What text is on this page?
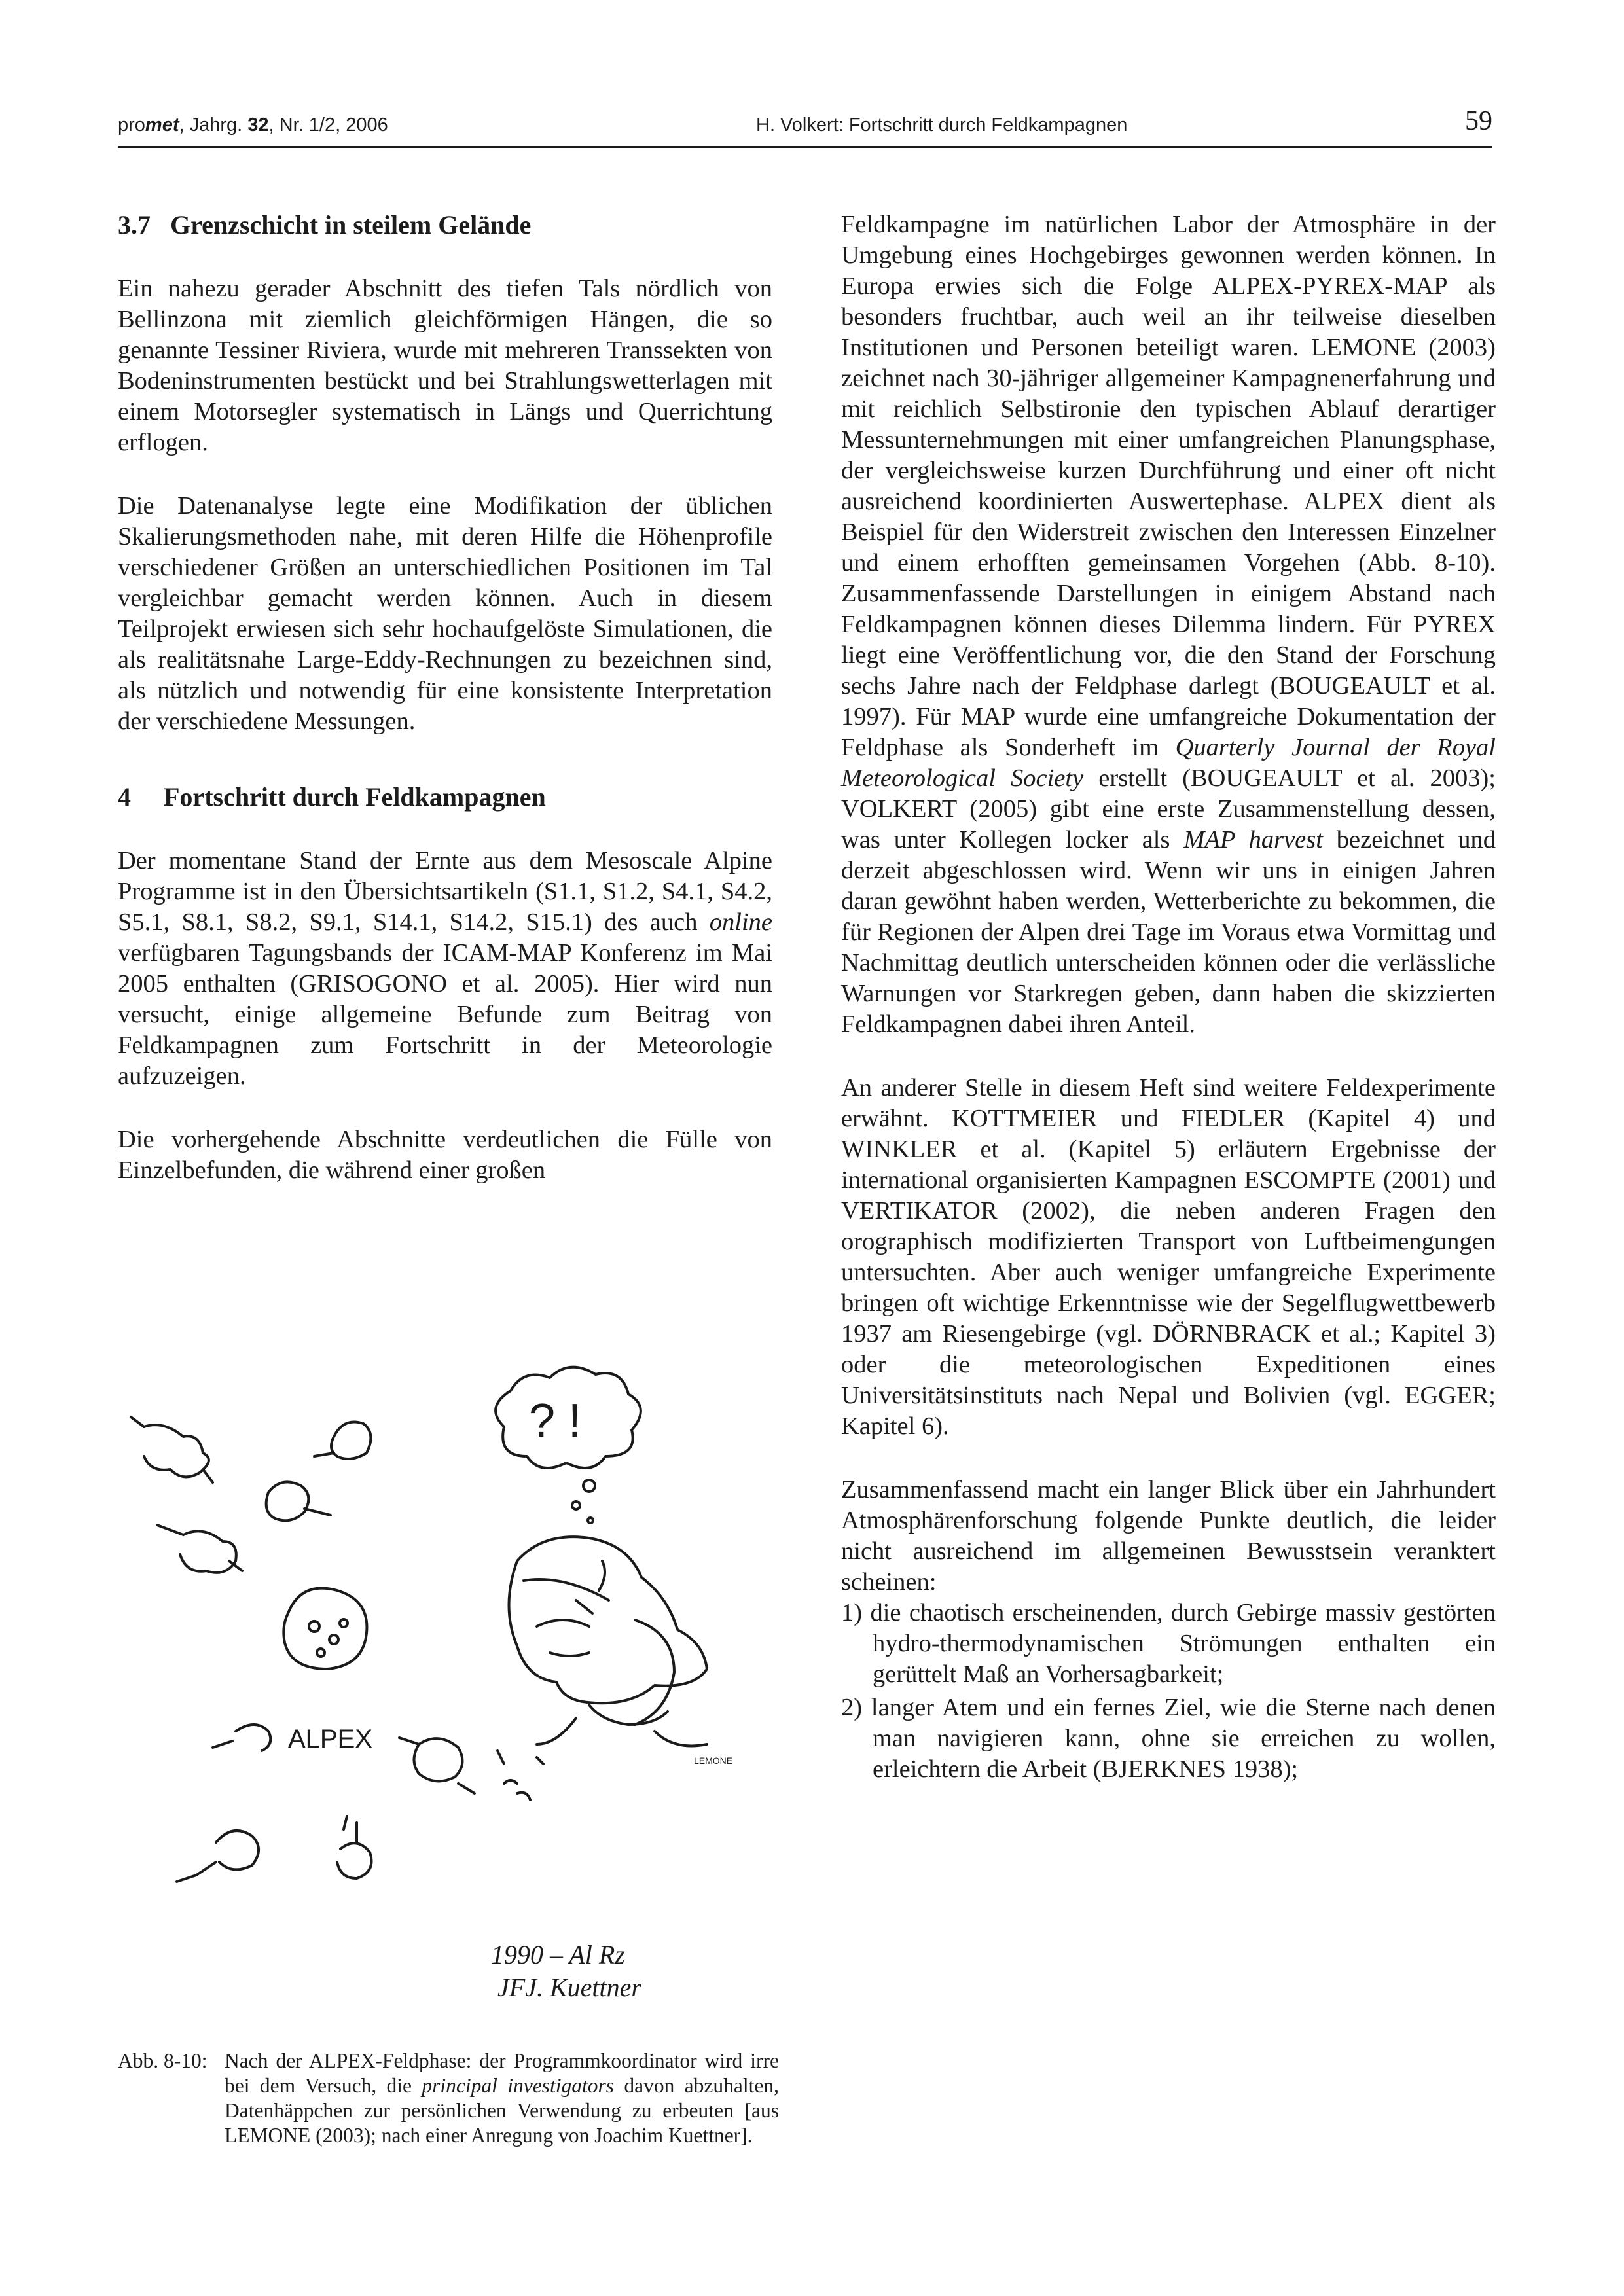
promet, Jahrg. 32, Nr. 1/2, 2006	H. Volkert: Fortschritt durch Feldkampagnen	59
3.7 Grenzschicht in steilem Gelände

Ein nahezu gerader Abschnitt des tiefen Tals nördlich von Bellinzona mit ziemlich gleichförmigen Hängen, die so genannte Tessiner Riviera, wurde mit mehreren Transsekten von Bodeninstrumenten bestückt und bei Strahlungswetterlagen mit einem Motorsegler systematisch in Längs und Querrichtung erflogen.

Die Datenanalyse legte eine Modifikation der üblichen Skalierungsmethoden nahe, mit deren Hilfe die Höhenprofile verschiedener Größen an unterschiedlichen Positionen im Tal vergleichbar gemacht werden können. Auch in diesem Teilprojekt erwiesen sich sehr hochaufgelöste Simulationen, die als realitätsnahe Large-Eddy-Rechnungen zu bezeichnen sind, als nützlich und notwendig für eine konsistente Interpretation der verschiedene Messungen.

4 Fortschritt durch Feldkampagnen

Der momentane Stand der Ernte aus dem Mesoscale Alpine Programme ist in den Übersichtsartikeln (S1.1, S1.2, S4.1, S4.2, S5.1, S8.1, S8.2, S9.1, S14.1, S14.2, S15.1) des auch online verfügbaren Tagungsbands der ICAM-MAP Konferenz im Mai 2005 enthalten (GRISOGONO et al. 2005). Hier wird nun versucht, einige allgemeine Befunde zum Beitrag von Feldkampagnen zum Fortschritt in der Meteorologie aufzuzeigen.

Die vorhergehende Abschnitte verdeutlichen die Fülle von Einzelbefunden, die während einer großen

? !
ALPEX
1990 – Al Rz
JFJ. Kuettner
LEMONE
Abb. 8-10: Nach der ALPEX-Feldphase: der Programmkoordinator wird irre bei dem Versuch, die principal investigators davon abzuhalten, Datenhäppchen zur persönlichen Verwendung zu erbeuten [aus LEMONE (2003); nach einer Anregung von Joachim Kuettner].

Feldkampagne im natürlichen Labor der Atmosphäre in der Umgebung eines Hochgebirges gewonnen werden können. In Europa erwies sich die Folge ALPEX-PYREX-MAP als besonders fruchtbar, auch weil an ihr teilweise dieselben Institutionen und Personen beteiligt waren. LEMONE (2003) zeichnet nach 30-jähriger allgemeiner Kampagnenerfahrung und mit reichlich Selbstironie den typischen Ablauf derartiger Messunternehmungen mit einer umfangreichen Planungsphase, der vergleichsweise kurzen Durchführung und einer oft nicht ausreichend koordinierten Auswertephase. ALPEX dient als Beispiel für den Widerstreit zwischen den Interessen Einzelner und einem erhofften gemeinsamen Vorgehen (Abb. 8-10). Zusammenfassende Darstellungen in einigem Abstand nach Feldkampagnen können dieses Dilemma lindern. Für PYREX liegt eine Veröffentlichung vor, die den Stand der Forschung sechs Jahre nach der Feldphase darlegt (BOUGEAULT et al. 1997). Für MAP wurde eine umfangreiche Dokumentation der Feldphase als Sonderheft im Quarterly Journal der Royal Meteorological Society erstellt (BOUGEAULT et al. 2003); VOLKERT (2005) gibt eine erste Zusammenstellung dessen, was unter Kollegen locker als MAP harvest bezeichnet und derzeit abgeschlossen wird. Wenn wir uns in einigen Jahren daran gewöhnt haben werden, Wetterberichte zu bekommen, die für Regionen der Alpen drei Tage im Voraus etwa Vormittag und Nachmittag deutlich unterscheiden können oder die verlässliche Warnungen vor Starkregen geben, dann haben die skizzierten Feldkampagnen dabei ihren Anteil.

An anderer Stelle in diesem Heft sind weitere Feldexperimente erwähnt. KOTTMEIER und FIEDLER (Kapitel 4) und WINKLER et al. (Kapitel 5) erläutern Ergebnisse der international organisierten Kampagnen ESCOMPTE (2001) und VERTIKATOR (2002), die neben anderen Fragen den orographisch modifizierten Transport von Luftbeimengungen untersuchten. Aber auch weniger umfangreiche Experimente bringen oft wichtige Erkenntnisse wie der Segelflugwettbewerb 1937 am Riesengebirge (vgl. DÖRNBRACK et al.; Kapitel 3) oder die meteorologischen Expeditionen eines Universitätsinstituts nach Nepal und Bolivien (vgl. EGGER; Kapitel 6).

Zusammenfassend macht ein langer Blick über ein Jahrhundert Atmosphärenforschung folgende Punkte deutlich, die leider nicht ausreichend im allgemeinen Bewusstsein veranktert scheinen:

1) die chaotisch erscheinenden, durch Gebirge massiv gestörten hydro-thermodynamischen Strömungen enthalten ein gerüttelt Maß an Vorhersagbarkeit;
2) langer Atem und ein fernes Ziel, wie die Sterne nach denen man navigieren kann, ohne sie erreichen zu wollen, erleichtern die Arbeit (BJERKNES 1938);
